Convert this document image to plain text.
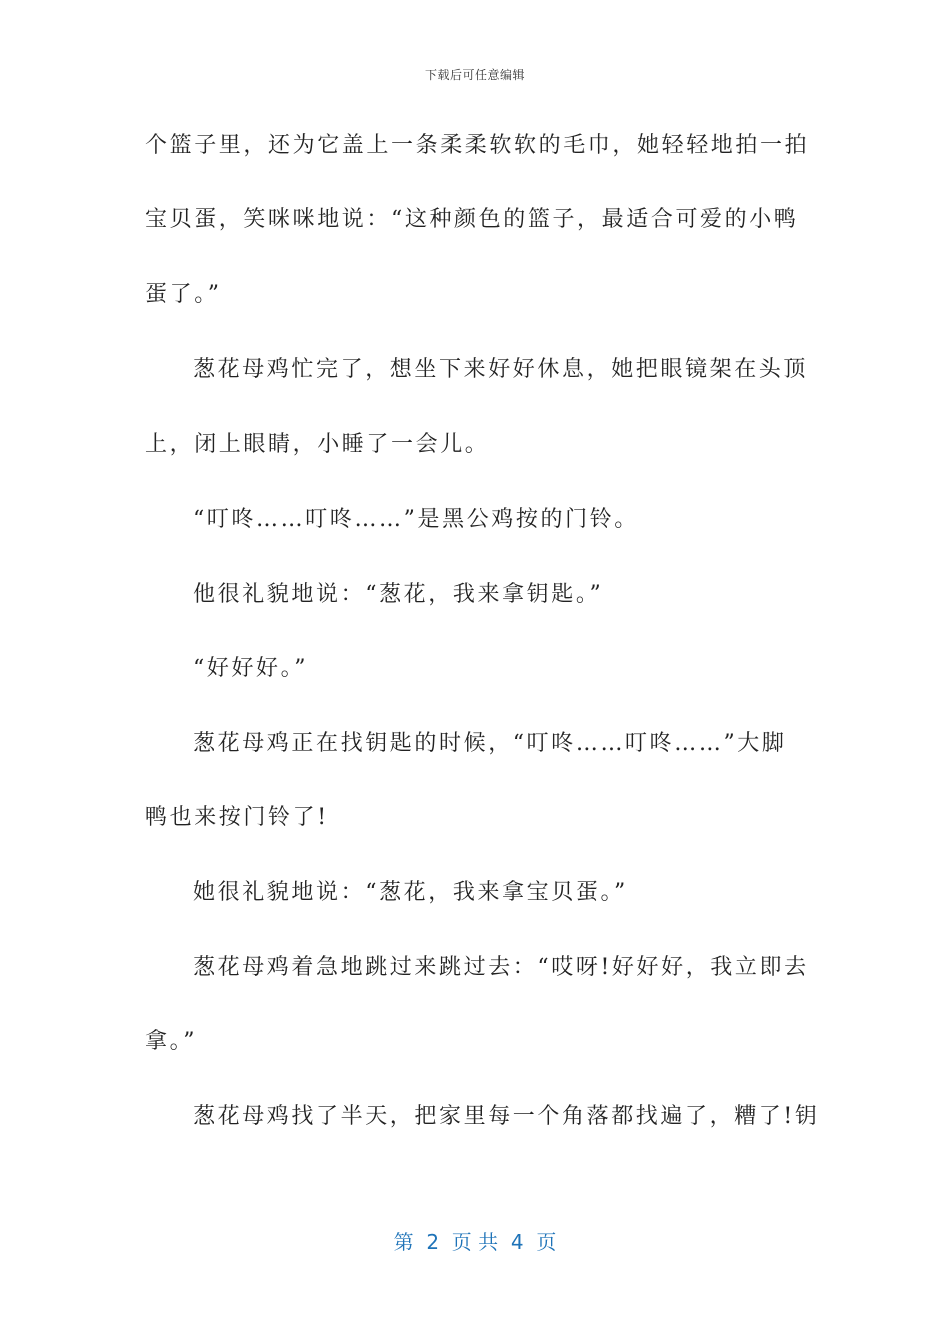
下载后可任意编辑
个篮子里，还为它盖上一条柔柔软软的毛巾，她轻轻地拍一拍
宝贝蛋，笑咪咪地说：“这种颜色的篮子，最适合可爱的小鸭
蛋了。”
葱花母鸡忙完了，想坐下来好好休息，她把眼镜架在头顶
上，闭上眼睛，小睡了一会儿。
“叮咚……叮咚……”是黑公鸡按的门铃。
他很礼貌地说：“葱花，我来拿钥匙。”
“好好好。”
葱花母鸡正在找钥匙的时候，“叮咚……叮咚……”大脚
鸭也来按门铃了!
她很礼貌地说：“葱花，我来拿宝贝蛋。”
葱花母鸡着急地跳过来跳过去：“哎呀!好好好，我立即去
拿。”
葱花母鸡找了半天，把家里每一个角落都找遍了，糟了!钥
第  2  页 共  4  页
